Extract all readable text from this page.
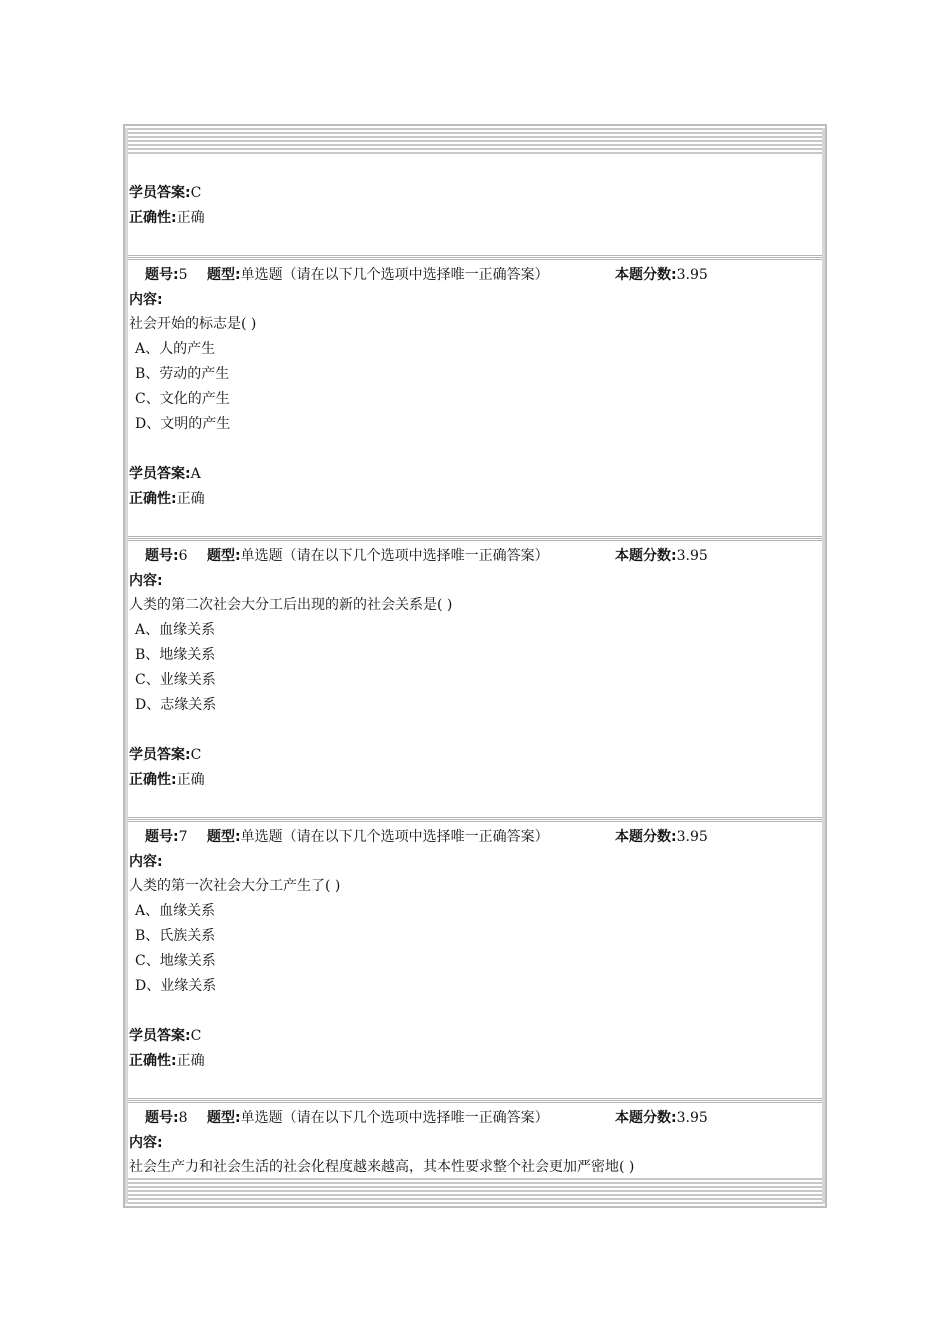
学员答案:C
正确性:正确
题号:5 题型:单选题（请在以下几个选项中选择唯一正确答案）	本题分数:3.95
内容:
社会开始的标志是( )
A、人的产生
B、劳动的产生
C、文化的产生
D、文明的产生
学员答案:A
正确性:正确
题号:6 题型:单选题（请在以下几个选项中选择唯一正确答案）	本题分数:3.95
内容:
人类的第二次社会大分工后出现的新的社会关系是( )
A、血缘关系
B、地缘关系
C、业缘关系
D、志缘关系
学员答案:C
正确性:正确
题号:7 题型:单选题（请在以下几个选项中选择唯一正确答案）	本题分数:3.95
内容:
人类的第一次社会大分工产生了( )
A、血缘关系
B、氏族关系
C、地缘关系
D、业缘关系
学员答案:C
正确性:正确
题号:8 题型:单选题（请在以下几个选项中选择唯一正确答案）	本题分数:3.95
内容:
社会生产力和社会生活的社会化程度越来越高，其本性要求整个社会更加严密地( )
